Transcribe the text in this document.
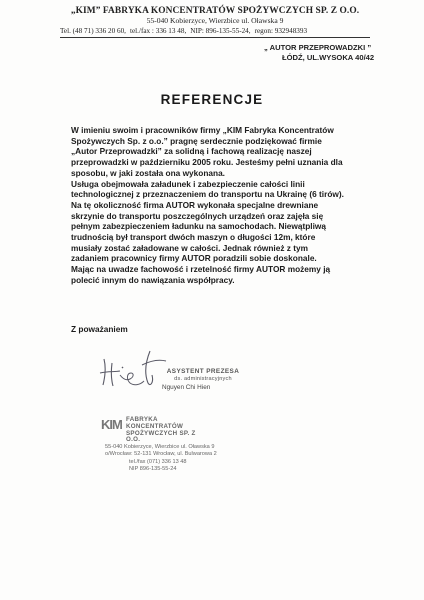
„KIM” FABRYKA KONCENTRATÓW SPOŻYWCZYCH SP. Z O.O.
55-040 Kobierzyce, Wierzbice ul. Oławska 9
Tel. (48 71) 336 20 60, tel./fax : 336 13 48, NIP: 896-135-55-24, regon: 932948393
„ AUTOR PRZEPROWADZKI ”
ŁÓDŹ, UL.WYSOKA 40/42
REFERENCJE
W imieniu swoim i pracowników firmy „KIM Fabryka Koncentratów
Spożywczych Sp. z o.o.” pragnę serdecznie podziękować firmie
„Autor Przeprowadzki” za solidną i fachową realizację naszej
przeprowadzki w październiku 2005 roku. Jesteśmy pełni uznania dla
sposobu, w jaki została ona wykonana.
Usługa obejmowała załadunek i zabezpieczenie całości linii
technologicznej z przeznaczeniem do transportu na Ukrainę (6 tirów).
Na tę okoliczność firma AUTOR wykonała specjalne drewniane
skrzynie do transportu poszczególnych urządzeń oraz zajęła się
pełnym zabezpieczeniem ładunku na samochodach. Niewątpliwą
trudnością był transport dwóch maszyn o długości 12m, które
musiały zostać załadowane w całości. Jednak również z tym
zadaniem pracownicy firmy AUTOR poradzili sobie doskonale.
Mając na uwadze fachowość i rzetelność firmy AUTOR możemy ją
polecić innym do nawiązania współpracy.
Z poważaniem
ASYSTENT PREZESA
ds. administracyjnych
Nguyen Chi Hien
KIM FABRYKA KONCENTRATÓW
SPOŻYWCZYCH SP. Z O.O.
55-040 Kobierzyce, Wierzbice ul. Oławska 9
o/Wrocław: 52-131 Wrocław, ul. Bulwarowa 2
tel./fax (071) 336 13 48
NIP 896-135-55-24
